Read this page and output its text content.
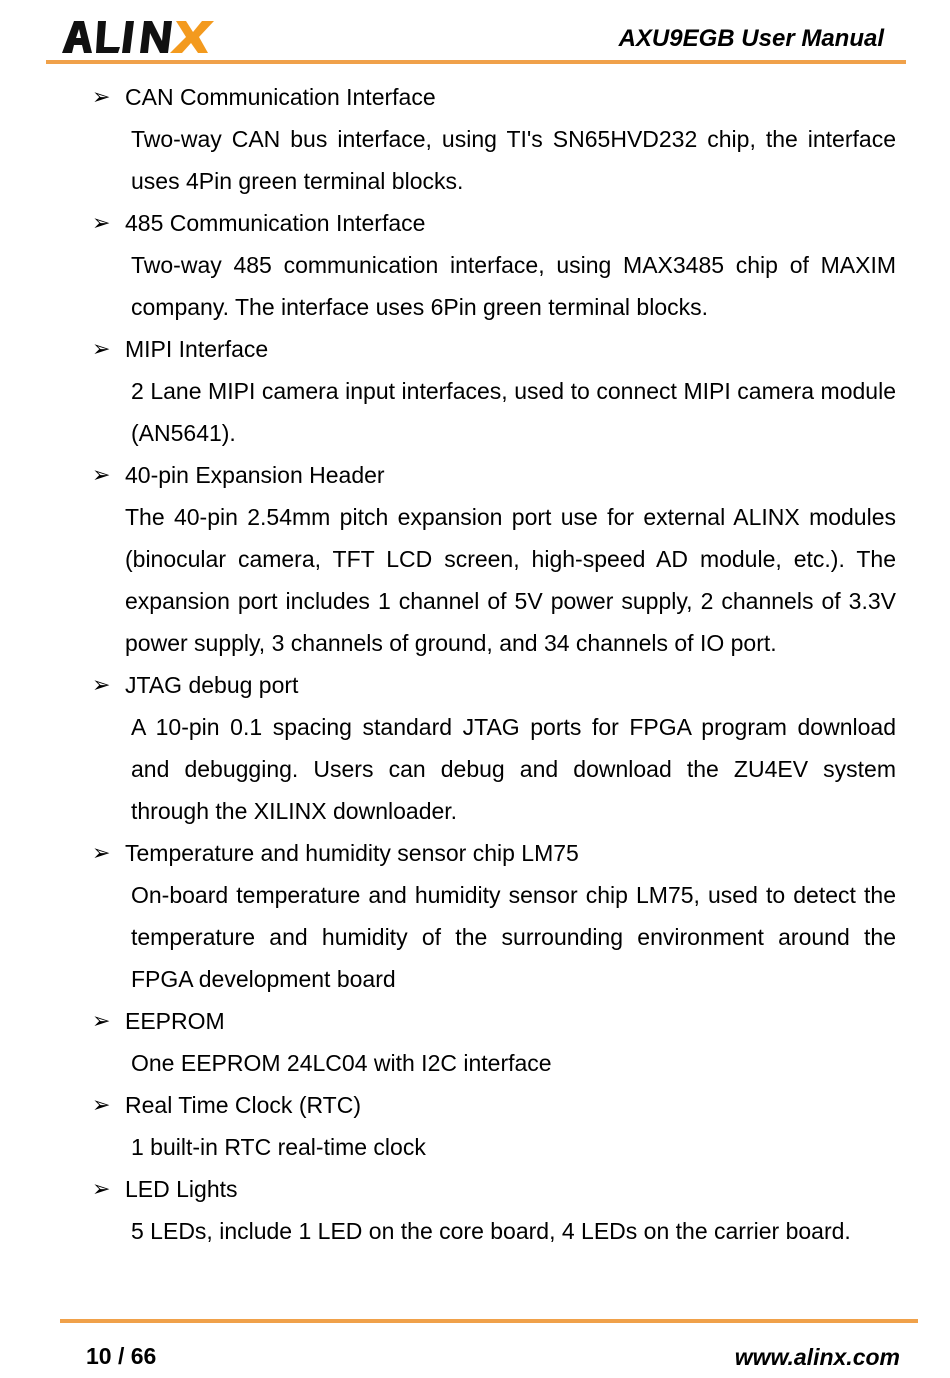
AXU9EGB User Manual
➢ CAN Communication Interface
Two-way CAN bus interface, using TI's SN65HVD232 chip, the interface uses 4Pin green terminal blocks.
➢ 485 Communication Interface
Two-way 485 communication interface, using MAX3485 chip of MAXIM company. The interface uses 6Pin green terminal blocks.
➢ MIPI Interface
2 Lane MIPI camera input interfaces, used to connect MIPI camera module (AN5641).
➢ 40-pin Expansion Header
The 40-pin 2.54mm pitch expansion port use for external ALINX modules (binocular camera, TFT LCD screen, high-speed AD module, etc.). The expansion port includes 1 channel of 5V power supply, 2 channels of 3.3V power supply, 3 channels of ground, and 34 channels of IO port.
➢ JTAG debug port
A 10-pin 0.1 spacing standard JTAG ports for FPGA program download and debugging. Users can debug and download the ZU4EV system through the XILINX downloader.
➢ Temperature and humidity sensor chip LM75
On-board temperature and humidity sensor chip LM75, used to detect the temperature and humidity of the surrounding environment around the FPGA development board
➢ EEPROM
One EEPROM 24LC04 with I2C interface
➢ Real Time Clock (RTC)
1 built-in RTC real-time clock
➢ LED Lights
5 LEDs, include 1 LED on the core board, 4 LEDs on the carrier board.
10 / 66	www.alinx.com
